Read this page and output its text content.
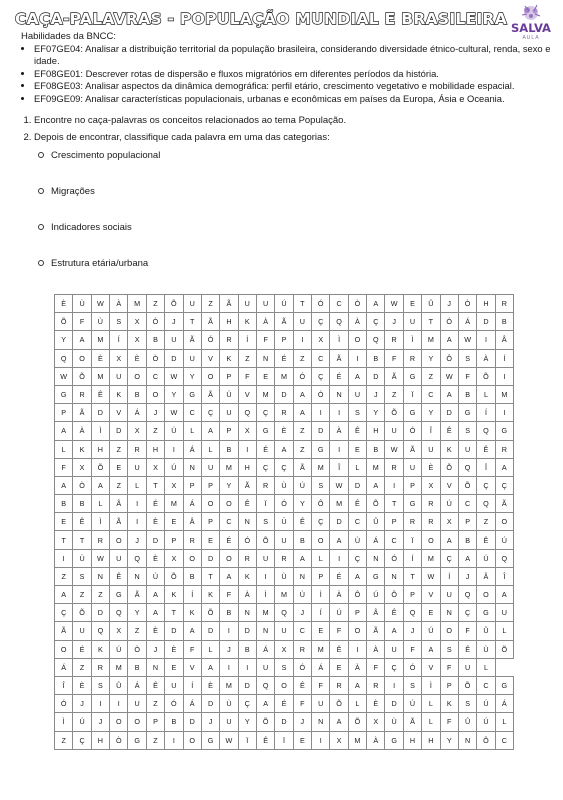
CAÇA-PALAVRAS - POPULAÇÃO MUNDIAL E BRASILEIRA SALVA
AULA

Habilidades da BNCC:

• EF07GE04: Analisar a distribuição territorial da população brasileira, considerando diversidade étnico-cultural, renda, sexo e idade.
• EF08GE01: Descrever rotas de dispersão e fluxos migratórios em diferentes períodos da história.
• EF08GE03: Analisar aspectos da dinâmica demográfica: perfil etário, crescimento vegetativo e mobilidade espacial.
• EF09GE09: Analisar características populacionais, urbanas e econômicas em países da Europa, Ásia e Oceania.
1. Encontre no caça-palavras os conceitos relacionados ao tema População.
2. Depois de encontrar, classifique cada palavra em uma das categorias:
Crescimento populacional
Migrações
Indicadores sociais
Estrutura etária/urbana
È	Ù	W	À	M	Z	Õ	U	Z	Ã	U	U	Ú	T	Ó	C	Ò	A	W	E	Û	J	Ò	H	R
Õ	F	Ù	S	X	Ó	J	T	Ã	H	K	À	Ã	U	Ç	Q	À	Ç	J	U	T	Ó	Á	D	B
Y	A	M	Í	X	B	U	Ã	Ó	R	Í	F	P	I	X	Ì	O	Q	R	Ì	M	A	W	I	Â
Q	O	È	X	È	Ò	D	U	V	K	Z	N	É	Z	C	Ã	I	B	F	R	Y	Ô	S	À	Í
W	Õ	M	U	O	C	W	Y	O	P	F	E	M	Ó	Ç	É	A	D	Ã	G	Z	W	F	Õ	I
G	R	Ê	K	B	O	Y	G	Ã	Ú	V	M	D	A	Ó	N	U	J	Z	Ï	C	A	B	L	M
P	Ã	D	V	Á	J	W	C	Ç	U	Q	Ç	R	A	I	I	S	Y	Õ	G	Y	D	G	Í	I
A	À	Ì	D	X	Z	Ú	L	A	P	X	G	È	Z	D	À	Ê	H	U	Ó	Î	Ê	S	Q	G
L	K	H	Z	R	H	I	Á	L	B	I	É	A	Z	G	I	E	B	W	Ã	U	K	U	Ê	R
F	X	Õ	E	U	X	Ú	N	U	M	H	Ç	Ç	Ã	M	Î	L	M	R	U	È	Õ	Q	Î	A
A	Ò	A	Z	L	T	X	P	P	Y	Ã	R	Ù	Ú	S	W	D	A	I	P	X	V	Õ	Ç	Ç
B	B	L	Â	I	É	M	Á	O	O	Ê	Ï	Ó	Y	Ô	M	Ê	Õ	T	G	R	Ú	C	Q	Ã
E	Ê	Ì	Ã	I	È	E	Â	P	C	N	S	Ü	Ê	Ç	D	C	Û	P	R	R	X	P	Z	O
T	T	R	O	J	D	P	R	E	É	Ó	Õ	U	B	O	A	Ù	Á	C	Ï	O	A	B	Ê	Ú
I	Ü	W	U	Q	È	X	O	D	O	R	U	R	A	L	I	Ç	N	Ó	Í	M	Ç	A	Ú	Q
Z	S	N	Ê	N	Ú	Õ	B	T	A	K	I	Ù	N	P	É	A	G	N	T	W	Í	J	Â	Î
A	Z	Z	G	Ã	A	K	Í	K	F	À	Ì	M	Ù	Ì	À	Ô	Ú	Ô	P	V	U	Q	O	A
Ç	Õ	D	Q	Y	A	T	K	Õ	B	N	M	Q	J	Í	Ú	P	Â	Ê	Q	E	N	Ç	G	U
Ã	U	Q	X	Z	È	D	A	D	I	D	N	U	C	E	F	O	Ã	A	J	Ú	O	F	Û	L
O	É	K	Ú	Ò	J	È	F	L	J	B	Á	X	R	M	Ê	I	À	U	F	A	S	Ê	Ù	Õ
Á	Z	R	M	B	N	E	V	A	I	I	U	S	Ó	Á	E	À	F	Ç	Ó	V	F	U	L	
Î	È	S	Û	Á	Ê	U	Í	È	M	D	Q	O	Ê	F	R	A	R	I	S	Ì	P	Õ	C	G
Ó	J	I	I	U	Z	Ó	Á	D	Ù	Ç	A	É	F	U	Õ	L	È	D	Ú	L	K	S	Ú	Á
Ì	Ú	J	O	O	P	B	D	J	U	Y	Õ	D	J	N	A	Õ	X	Ù	Ã	L	F	Û	Ú	L
Z	Ç	H	Ò	G	Z	I	O	G	W	Ï	Ê	Ï	E	I	X	M	À	G	H	H	Y	N	Ô	C
